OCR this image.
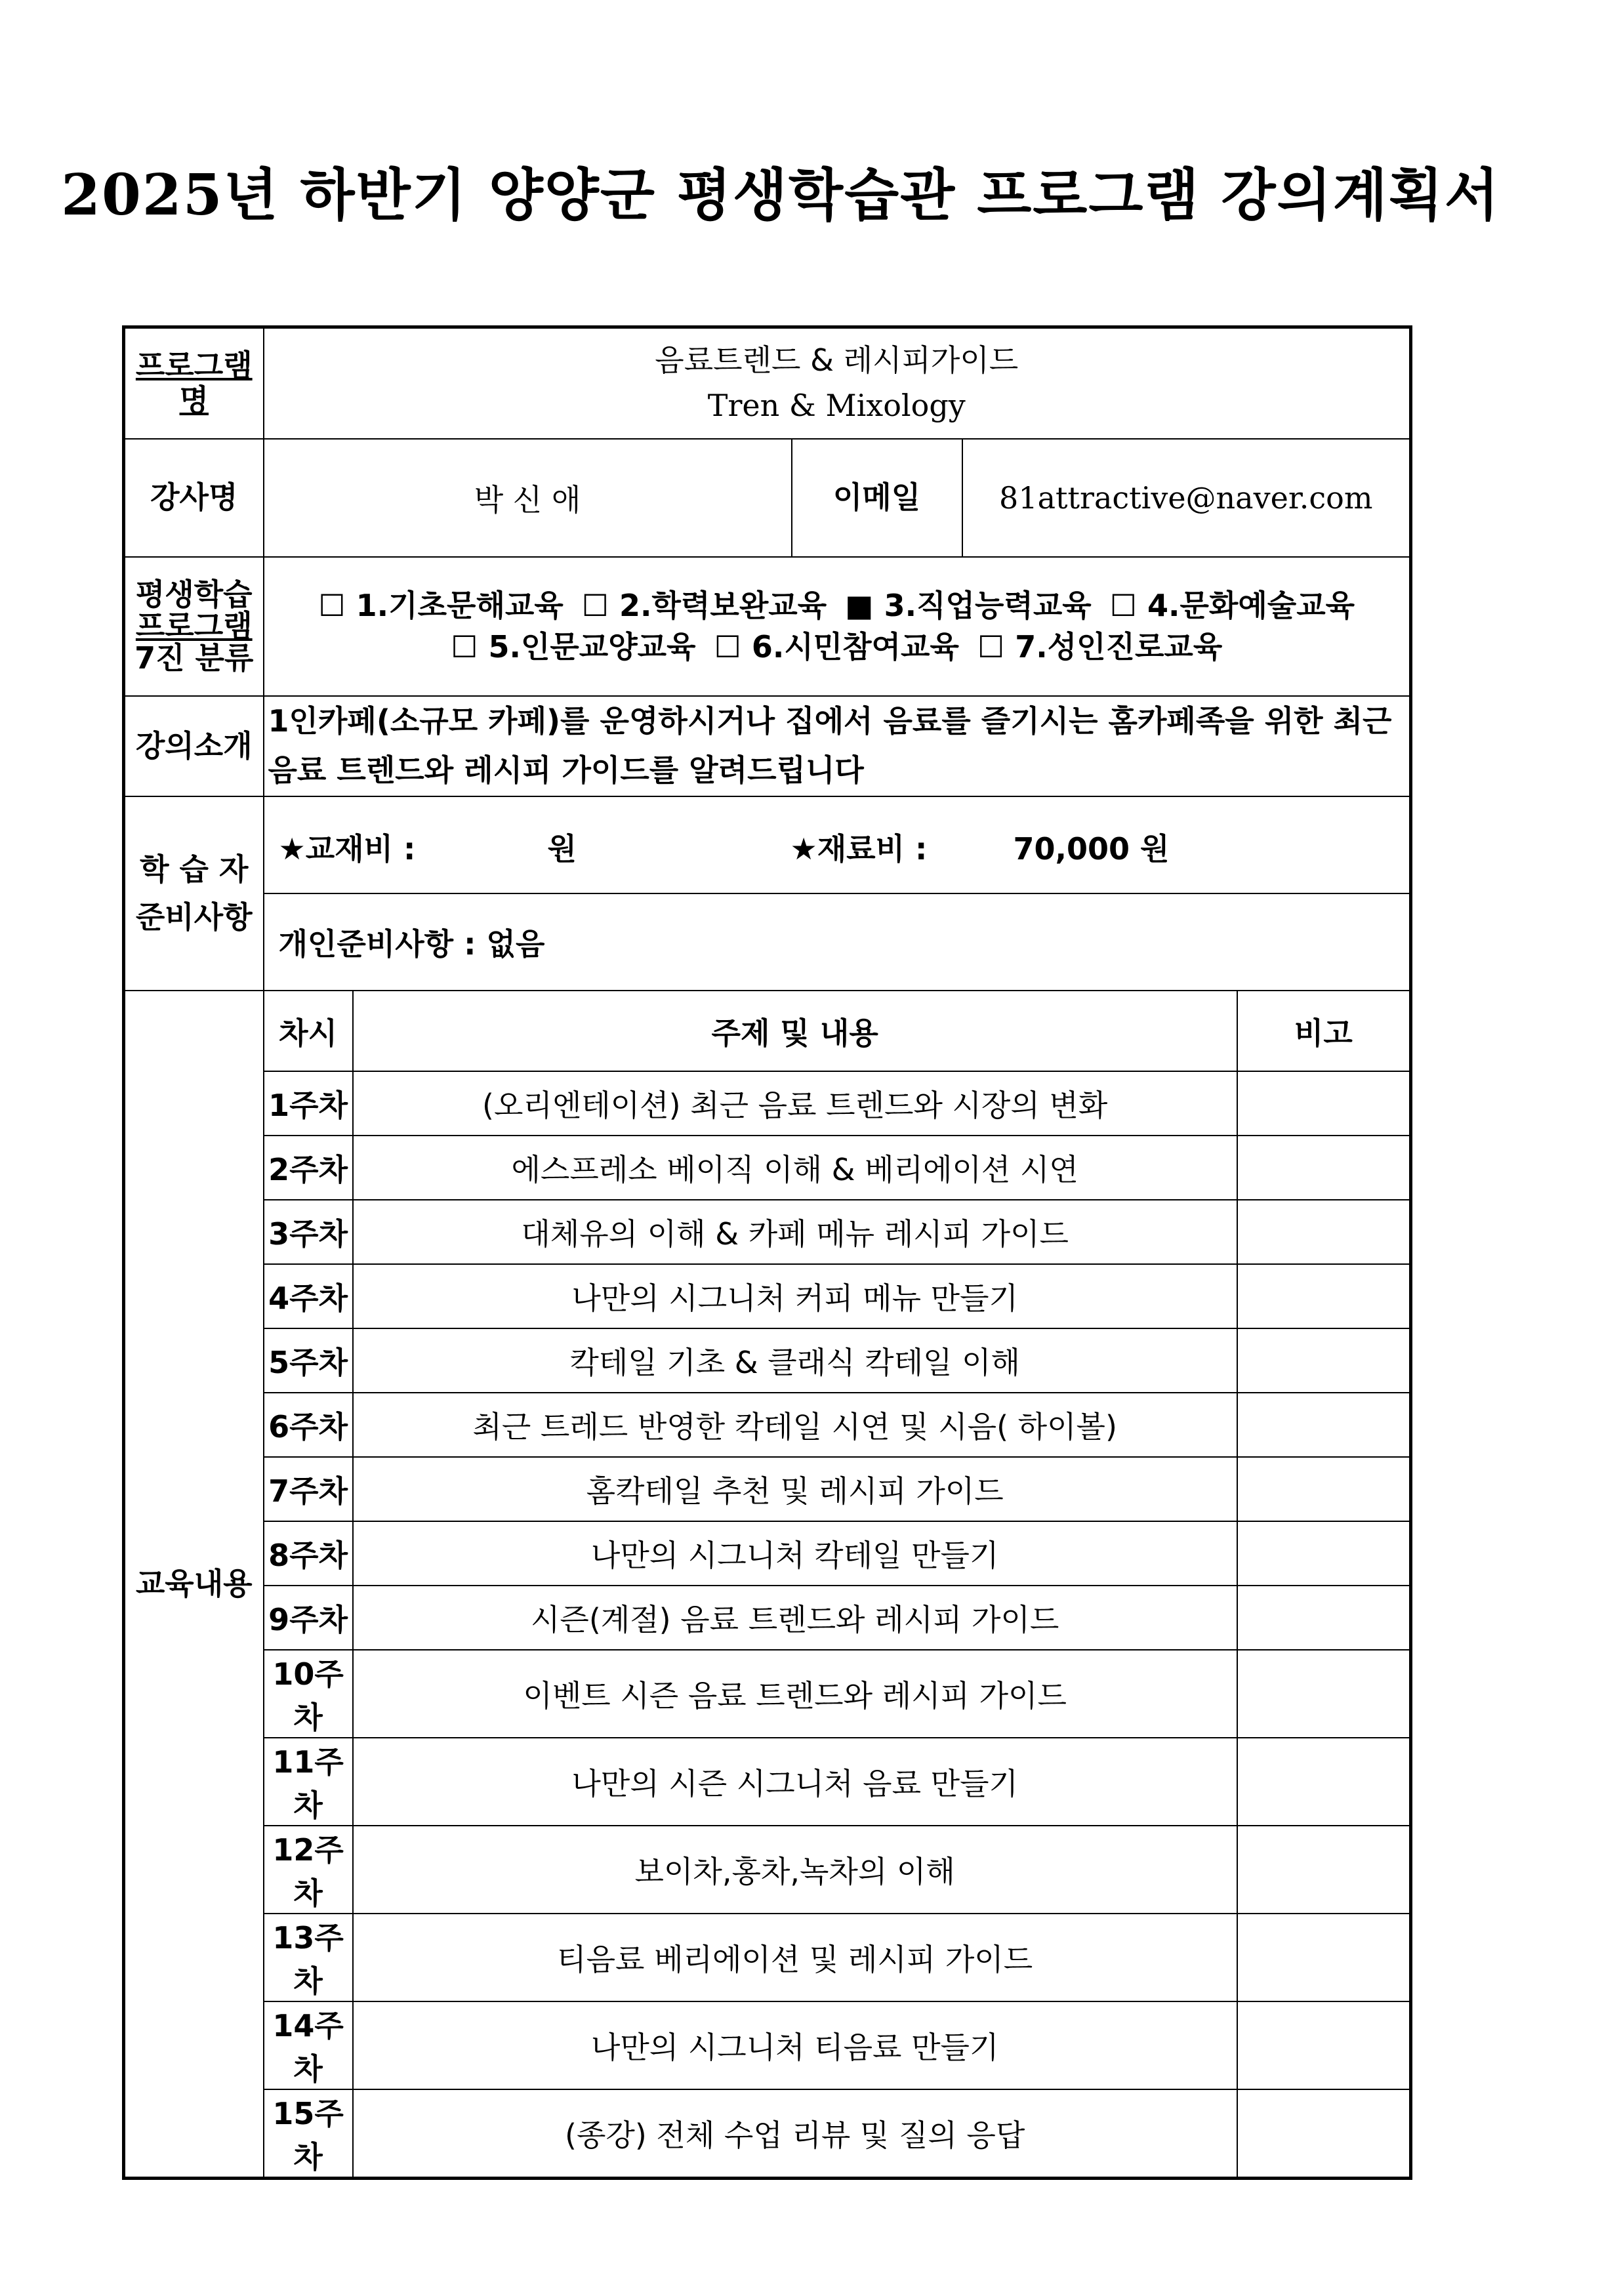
2025년 하반기 양양군 평생학습관 프로그램 강의계획서
프로그램명	
음료트렌드 & 레시피가이드
Tren & Mixology

강사명	박 신 애	이메일	81attractive@naver.com

평생학습
프로그램
7진 분류

☐ 1.기초문해교육 ☐ 2.학력보완교육 ■ 3.직업능력교육 ☐ 4.문화예술교육
☐ 5.인문교양교육 ☐ 6.시민참여교육 ☐ 7.성인진로교육

강의소개	1인카페(소규모 카페)를 운영하시거나 집에서 음료를 즐기시는 홈카페족을 위한 최근 음료 트렌드와 레시피 가이드를 알려드립니다

학 습 자
준비사항

★교재비 :	원	★재료비 :	70,000 원

개인준비사항 : 없음
교육내용	
차시	주제 및 내용	비고
1주차	(오리엔테이션) 최근 음료 트렌드와 시장의 변화	
2주차	에스프레소 베이직 이해 & 베리에이션 시연	
3주차	대체유의 이해 & 카페 메뉴 레시피 가이드	
4주차	나만의 시그니처 커피 메뉴 만들기	
5주차	칵테일 기초 & 클래식 칵테일 이해	
6주차	최근 트레드 반영한 칵테일 시연 및 시음( 하이볼)	
7주차	홈칵테일 추천 및 레시피 가이드	
8주차	나만의 시그니처 칵테일 만들기	
9주차	시즌(계절) 음료 트렌드와 레시피 가이드	
10주차	이벤트 시즌 음료 트렌드와 레시피 가이드	
11주차	나만의 시즌 시그니처 음료 만들기	
12주차	보이차,홍차,녹차의 이해	
13주차	티음료 베리에이션 및 레시피 가이드	
14주차	나만의 시그니처 티음료 만들기	
15주차	(종강) 전체 수업 리뷰 및 질의 응답	
